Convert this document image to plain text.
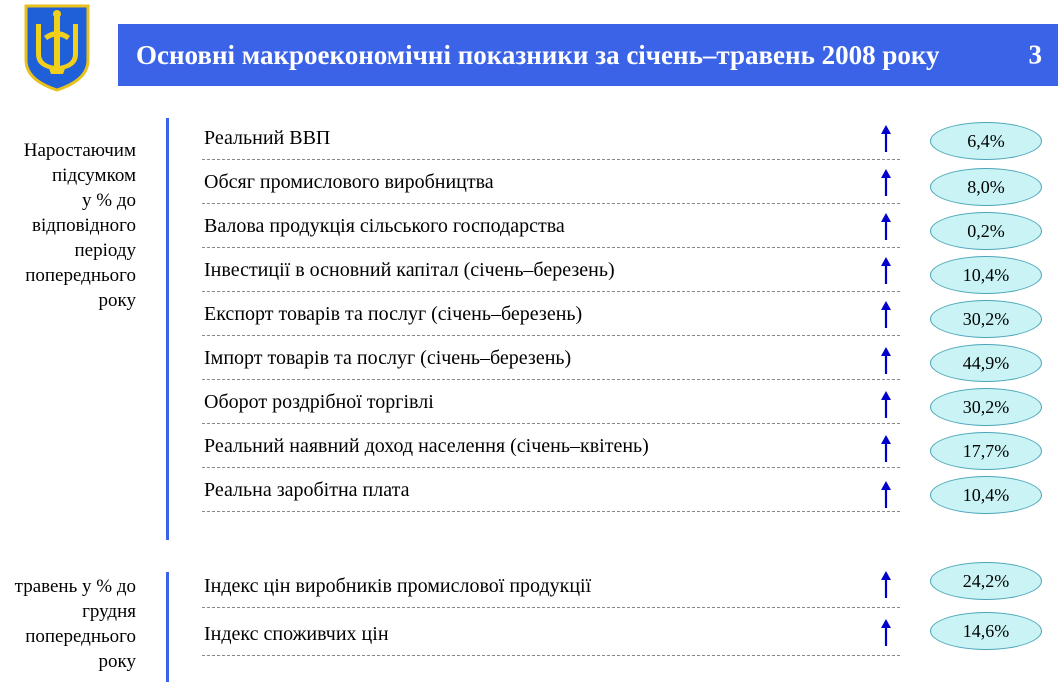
Основні макроекономічні показники за січень–травень 2008 року	3
Наростаючим
підсумком
у % до
відповідного
періоду
попереднього
року
травень у % до
грудня
попереднього
року
Реальний ВВП	6,4%
Обсяг промислового виробництва	8,0%
Валова продукція сільського господарства	0,2%
Інвестиції в основний капітал (січень–березень)	10,4%
Експорт товарів та послуг (січень–березень)	30,2%
Імпорт товарів та послуг (січень–березень)	44,9%
Оборот роздрібної торгівлі	30,2%
Реальний наявний доход населення (січень–квітень)	17,7%
Реальна заробітна плата	10,4%
Індекс цін виробників промислової продукції	24,2%
Індекс споживчих цін	14,6%
